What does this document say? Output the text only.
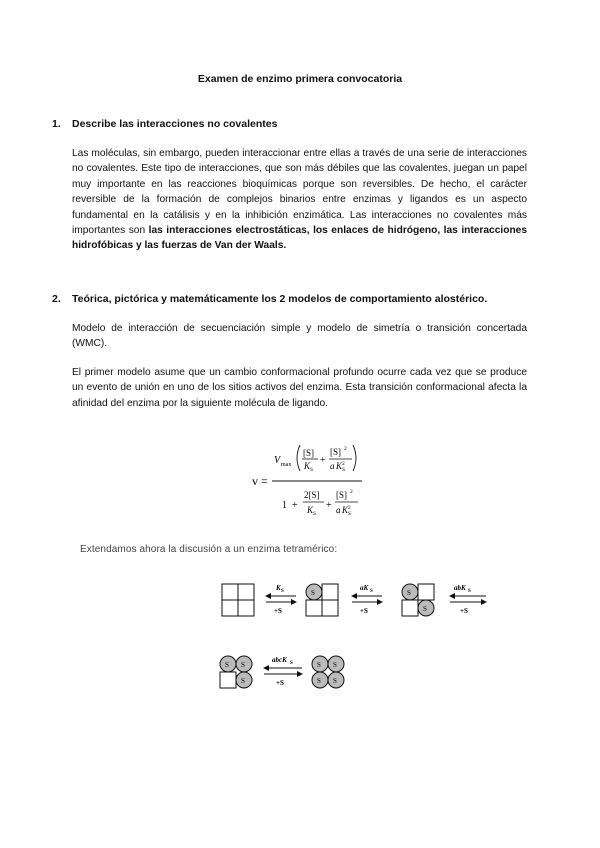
Examen de enzimo primera convocatoria
1. Describe las interacciones no covalentes

Las moléculas, sin embargo, pueden interaccionar entre ellas a través de una serie de interacciones no covalentes. Este tipo de interacciones, que son más débiles que las covalentes, juegan un papel muy importante en las reacciones bioquímicas porque son reversibles. De hecho, el carácter reversible de la formación de complejos binarios entre enzimas y ligandos es un aspecto fundamental en la catálisis y en la inhibición enzimática. Las interacciones no covalentes más importantes son las interacciones electrostáticas, los enlaces de hidrógeno, las interacciones hidrofóbicas y las fuerzas de Van der Waals.

2. Teórica, pictórica y matemáticamente los 2 modelos de comportamiento alostérico.

Modelo de interacción de secuenciación simple y modelo de simetría o transición concertada (WMC).

El primer modelo asume que un cambio conformacional profundo ocurre cada vez que se produce un evento de unión en uno de los sitios activos del enzima. Esta transición conformacional afecta la afinidad del enzima por la siguiente molécula de ligando.

v =
V max
[S]
K S
+
[S] 2
a K 2
S
1 +
2[S]
K S
+
[S] 2
a K 2
S
Extendamos ahora la discusión a un enzima tetramérico:
K S
+S
S
aK S
+S
S
S
abK S
+S
S S
S
abcK S
+S
S S
S S
